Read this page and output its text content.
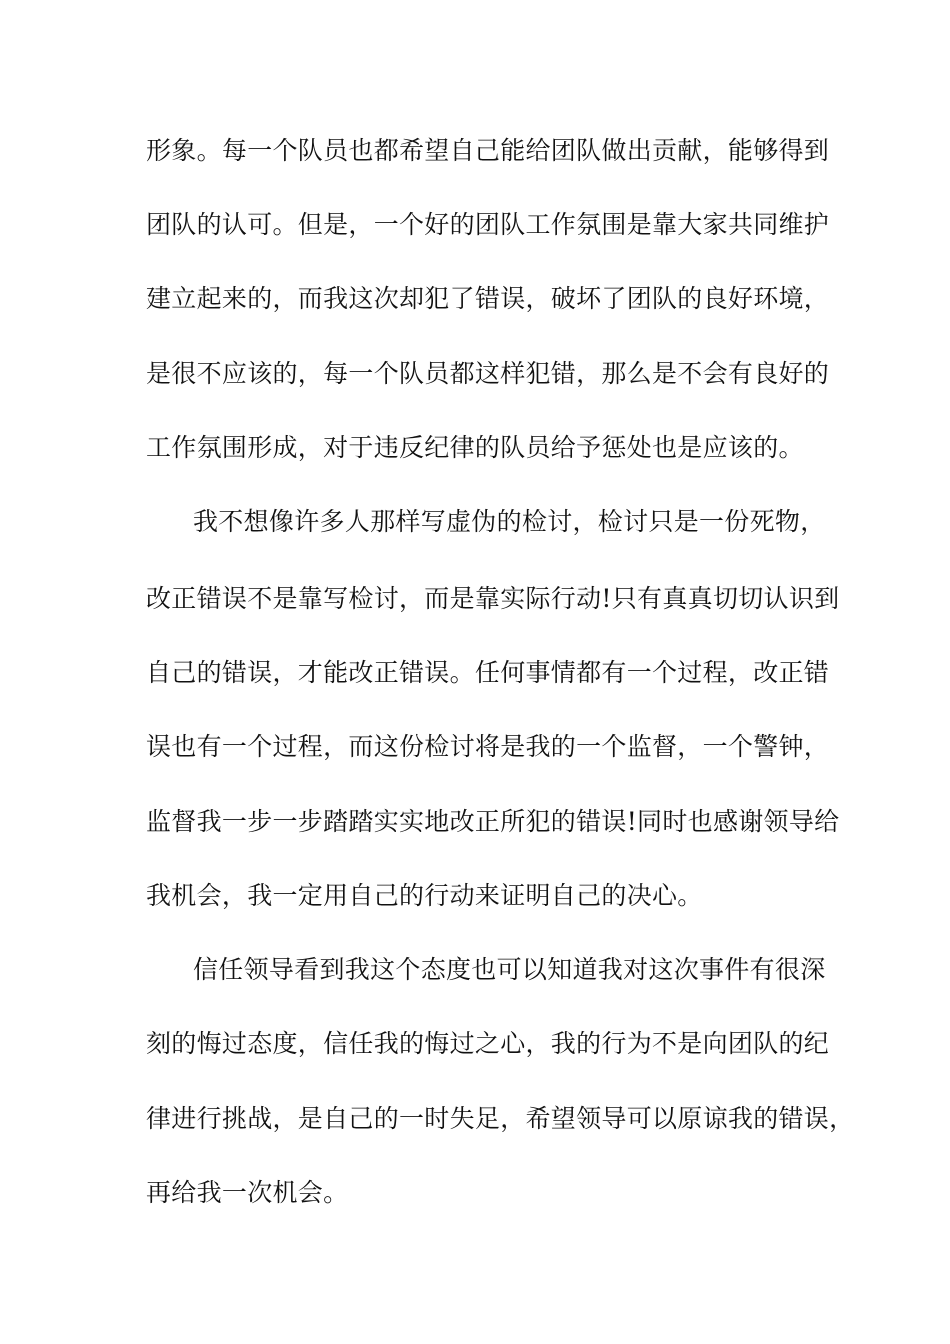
形象。每一个队员也都希望自己能给团队做出贡献，能够得到
团队的认可。但是，一个好的团队工作氛围是靠大家共同维护
建立起来的，而我这次却犯了错误，破坏了团队的良好环境，
是很不应该的，每一个队员都这样犯错，那么是不会有良好的
工作氛围形成，对于违反纪律的队员给予惩处也是应该的。
我不想像许多人那样写虚伪的检讨，检讨只是一份死物，
改正错误不是靠写检讨，而是靠实际行动!只有真真切切认识到
自己的错误，才能改正错误。任何事情都有一个过程，改正错
误也有一个过程，而这份检讨将是我的一个监督，一个警钟，
监督我一步一步踏踏实实地改正所犯的错误!同时也感谢领导给
我机会，我一定用自己的行动来证明自己的决心。
信任领导看到我这个态度也可以知道我对这次事件有很深
刻的悔过态度，信任我的悔过之心，我的行为不是向团队的纪
律进行挑战，是自己的一时失足，希望领导可以原谅我的错误，
再给我一次机会。
